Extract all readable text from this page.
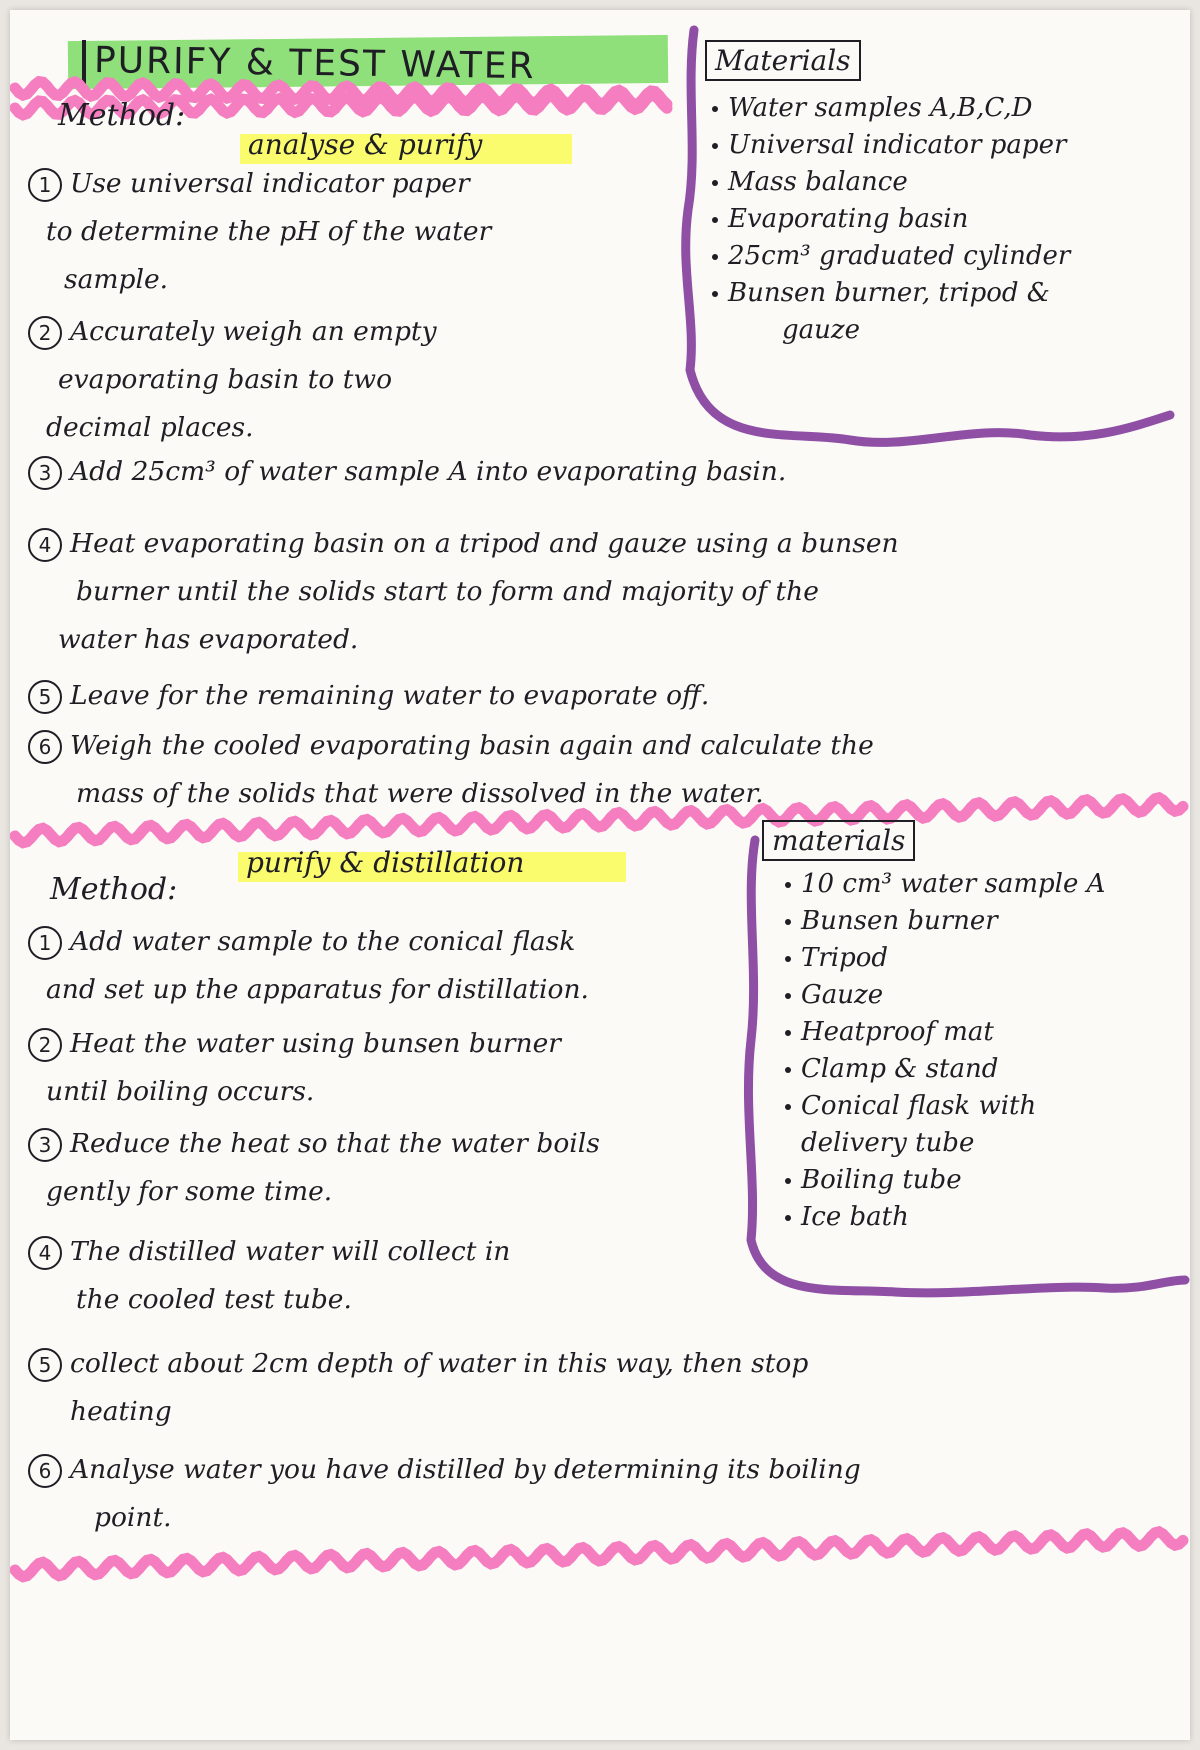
PURIFY & TEST WATER	Materials
Water samples A,B,C,D
Universal indicator paper
Mass balance
Evaporating basin
25cm³ graduated cylinder
Bunsen burner, tripod &
gauze
Method:
analyse & purify
1 Use universal indicator paper
to determine the pH of the water
sample.
2 Accurately weigh an empty
evaporating basin to two
decimal places.
3 Add 25cm³ of water sample A into evaporating basin.
4 Heat evaporating basin on a tripod and gauze using a bunsen
burner until the solids start to form and majority of the
water has evaporated.
5 Leave for the remaining water to evaporate off.
6 Weigh the cooled evaporating basin again and calculate the
mass of the solids that were dissolved in the water.
materials
10 cm³ water sample A
Bunsen burner
Tripod
Gauze
Heatproof mat
Clamp & stand
Conical flask with
delivery tube
Boiling tube
Ice bath
Method:
purify & distillation
1 Add water sample to the conical flask
and set up the apparatus for distillation.
2 Heat the water using bunsen burner
until boiling occurs.
3 Reduce the heat so that the water boils
gently for some time.
4 The distilled water will collect in
the cooled test tube.
5 collect about 2cm depth of water in this way, then stop
heating
6 Analyse water you have distilled by determining its boiling
point.
